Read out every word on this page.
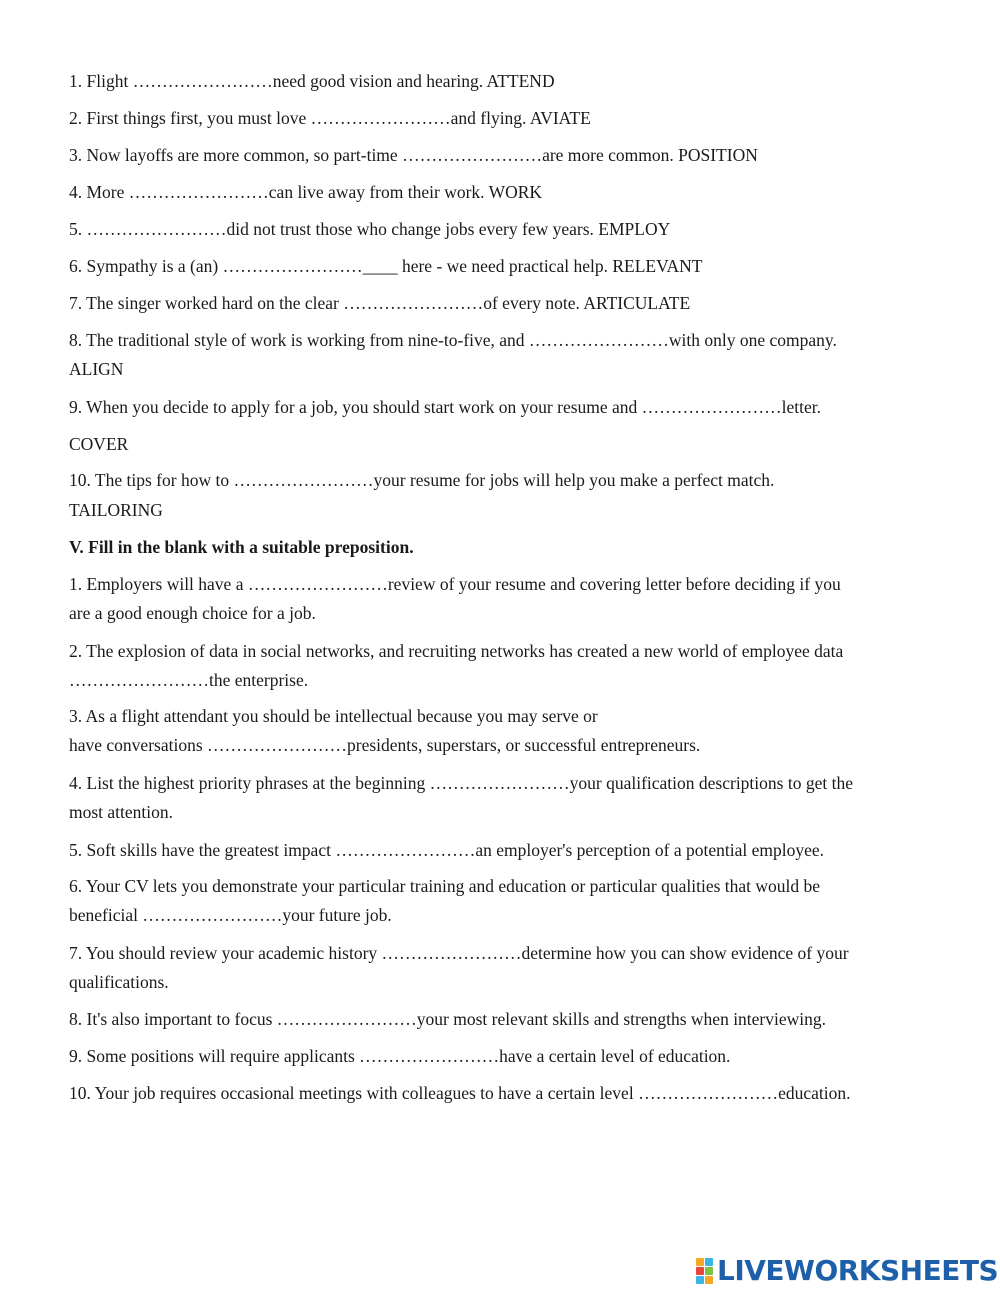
1. Flight ……………………need good vision and hearing. ATTEND
2. First things first, you must love ……………………and flying. AVIATE
3. Now layoffs are more common, so part-time ……………………are more common. POSITION
4. More ……………………can live away from their work. WORK
5. ……………………did not trust those who change jobs every few years. EMPLOY
6. Sympathy is a (an) ……………………____ here - we need practical help. RELEVANT
7. The singer worked hard on the clear ……………………of every note. ARTICULATE
8. The traditional style of work is working from nine-to-five, and ……………………with only one company.
ALIGN
9. When you decide to apply for a job, you should start work on your resume and ……………………letter.
COVER
10. The tips for how to ……………………your resume for jobs will help you make a perfect match.
TAILORING
V. Fill in the blank with a suitable preposition.
1. Employers will have a ……………………review of your resume and covering letter before deciding if you
are a good enough choice for a job.
2. The explosion of data in social networks, and recruiting networks has created a new world of employee data
……………………the enterprise.
3. As a flight attendant you should be intellectual because you may serve or
have conversations ……………………presidents, superstars, or successful entrepreneurs.
4. List the highest priority phrases at the beginning ……………………your qualification descriptions to get the
most attention.
5. Soft skills have the greatest impact ……………………an employer's perception of a potential employee.
6. Your CV lets you demonstrate your particular training and education or particular qualities that would be
beneficial ……………………your future job.
7. You should review your academic history ……………………determine how you can show evidence of your
qualifications.
8. It's also important to focus ……………………your most relevant skills and strengths when interviewing.
9. Some positions will require applicants ……………………have a certain level of education.
10. Your job requires occasional meetings with colleagues to have a certain level ……………………education.
LIVEWORKSHEETS
